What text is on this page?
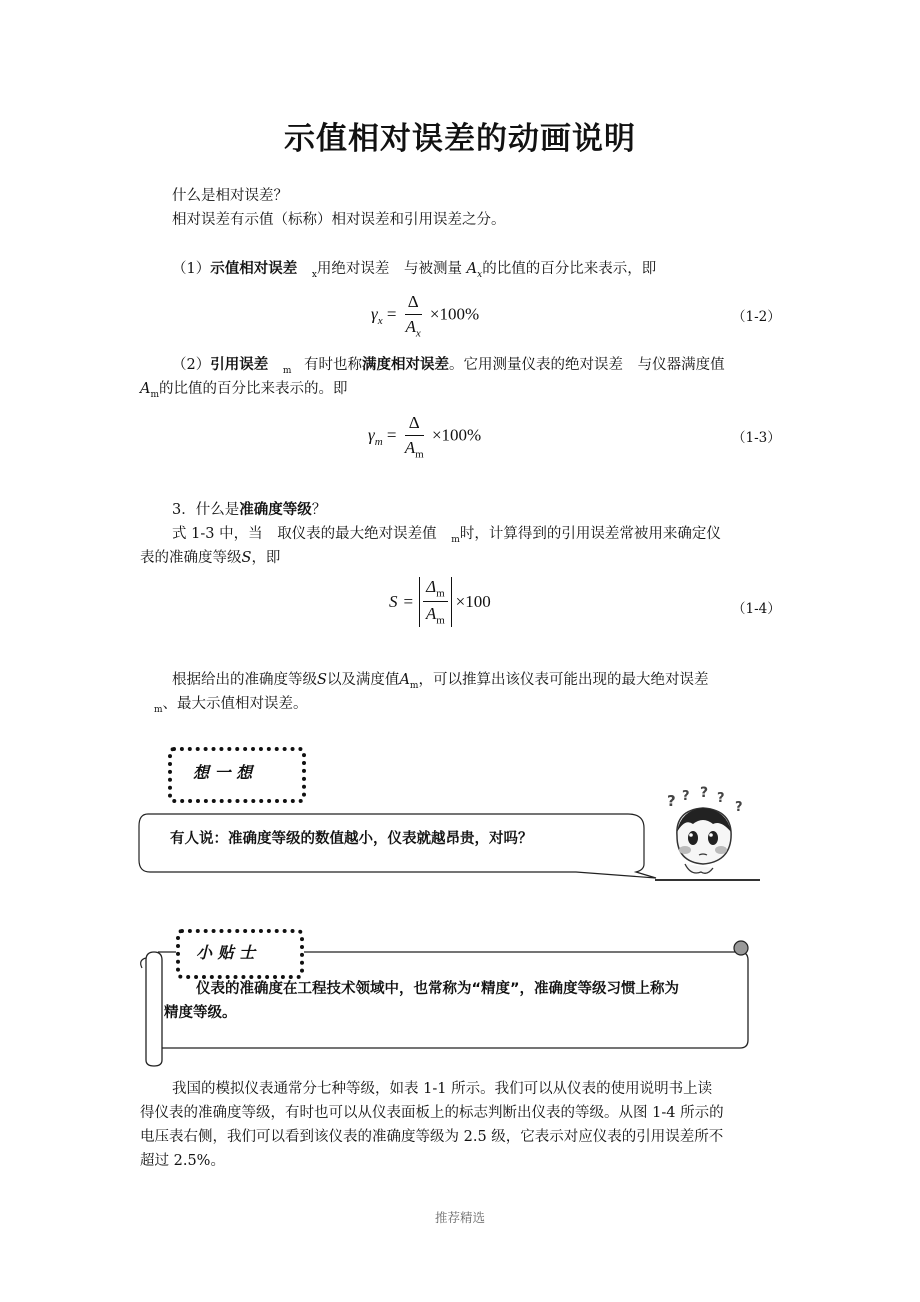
示值相对误差的动画说明
什么是相对误差？
相对误差有示值（标称）相对误差和引用误差之分。
（1）示值相对误差 $_x$用绝对误差 与被测量 $A_x$的比值的百分比来表示，即
$\gamma_x = \frac{\Delta}{A_x} \times 100\%$	（1-2）
（2）引用误差 $_m$ 有时也称满度相对误差。它用测量仪表的绝对误差 与仪器满度值
$A_m$的比值的百分比来表示的。即
$\gamma_m = \frac{\Delta}{A_m} \times 100\%$	（1-3）
3．什么是准确度等级？
式 1-3 中，当 取仪表的最大绝对误差值 $_m$时，计算得到的引用误差常被用来确定仪
表的准确度等级S，即
$S = \frac{\Delta_m}{A_m} \times 100$	（1-4）
根据给出的准确度等级S以及满度值$A_m$，可以推算出该仪表可能出现的最大绝对误差
$_m$、最大示值相对误差。
想 一 想
有人说：准确度等级的数值越小，仪表就越昂贵，对吗？
? ? ? ?
?
小 贴 士
仪表的准确度在工程技术领域中，也常称为“精度”，准确度等级习惯上称为
精度等级。
我国的模拟仪表通常分七种等级，如表 1-1 所示。我们可以从仪表的使用说明书上读
得仪表的准确度等级，有时也可以从仪表面板上的标志判断出仪表的等级。从图 1-4 所示的
电压表右侧，我们可以看到该仪表的准确度等级为 2.5 级，它表示对应仪表的引用误差所不
超过 2.5%。
推荐精选
